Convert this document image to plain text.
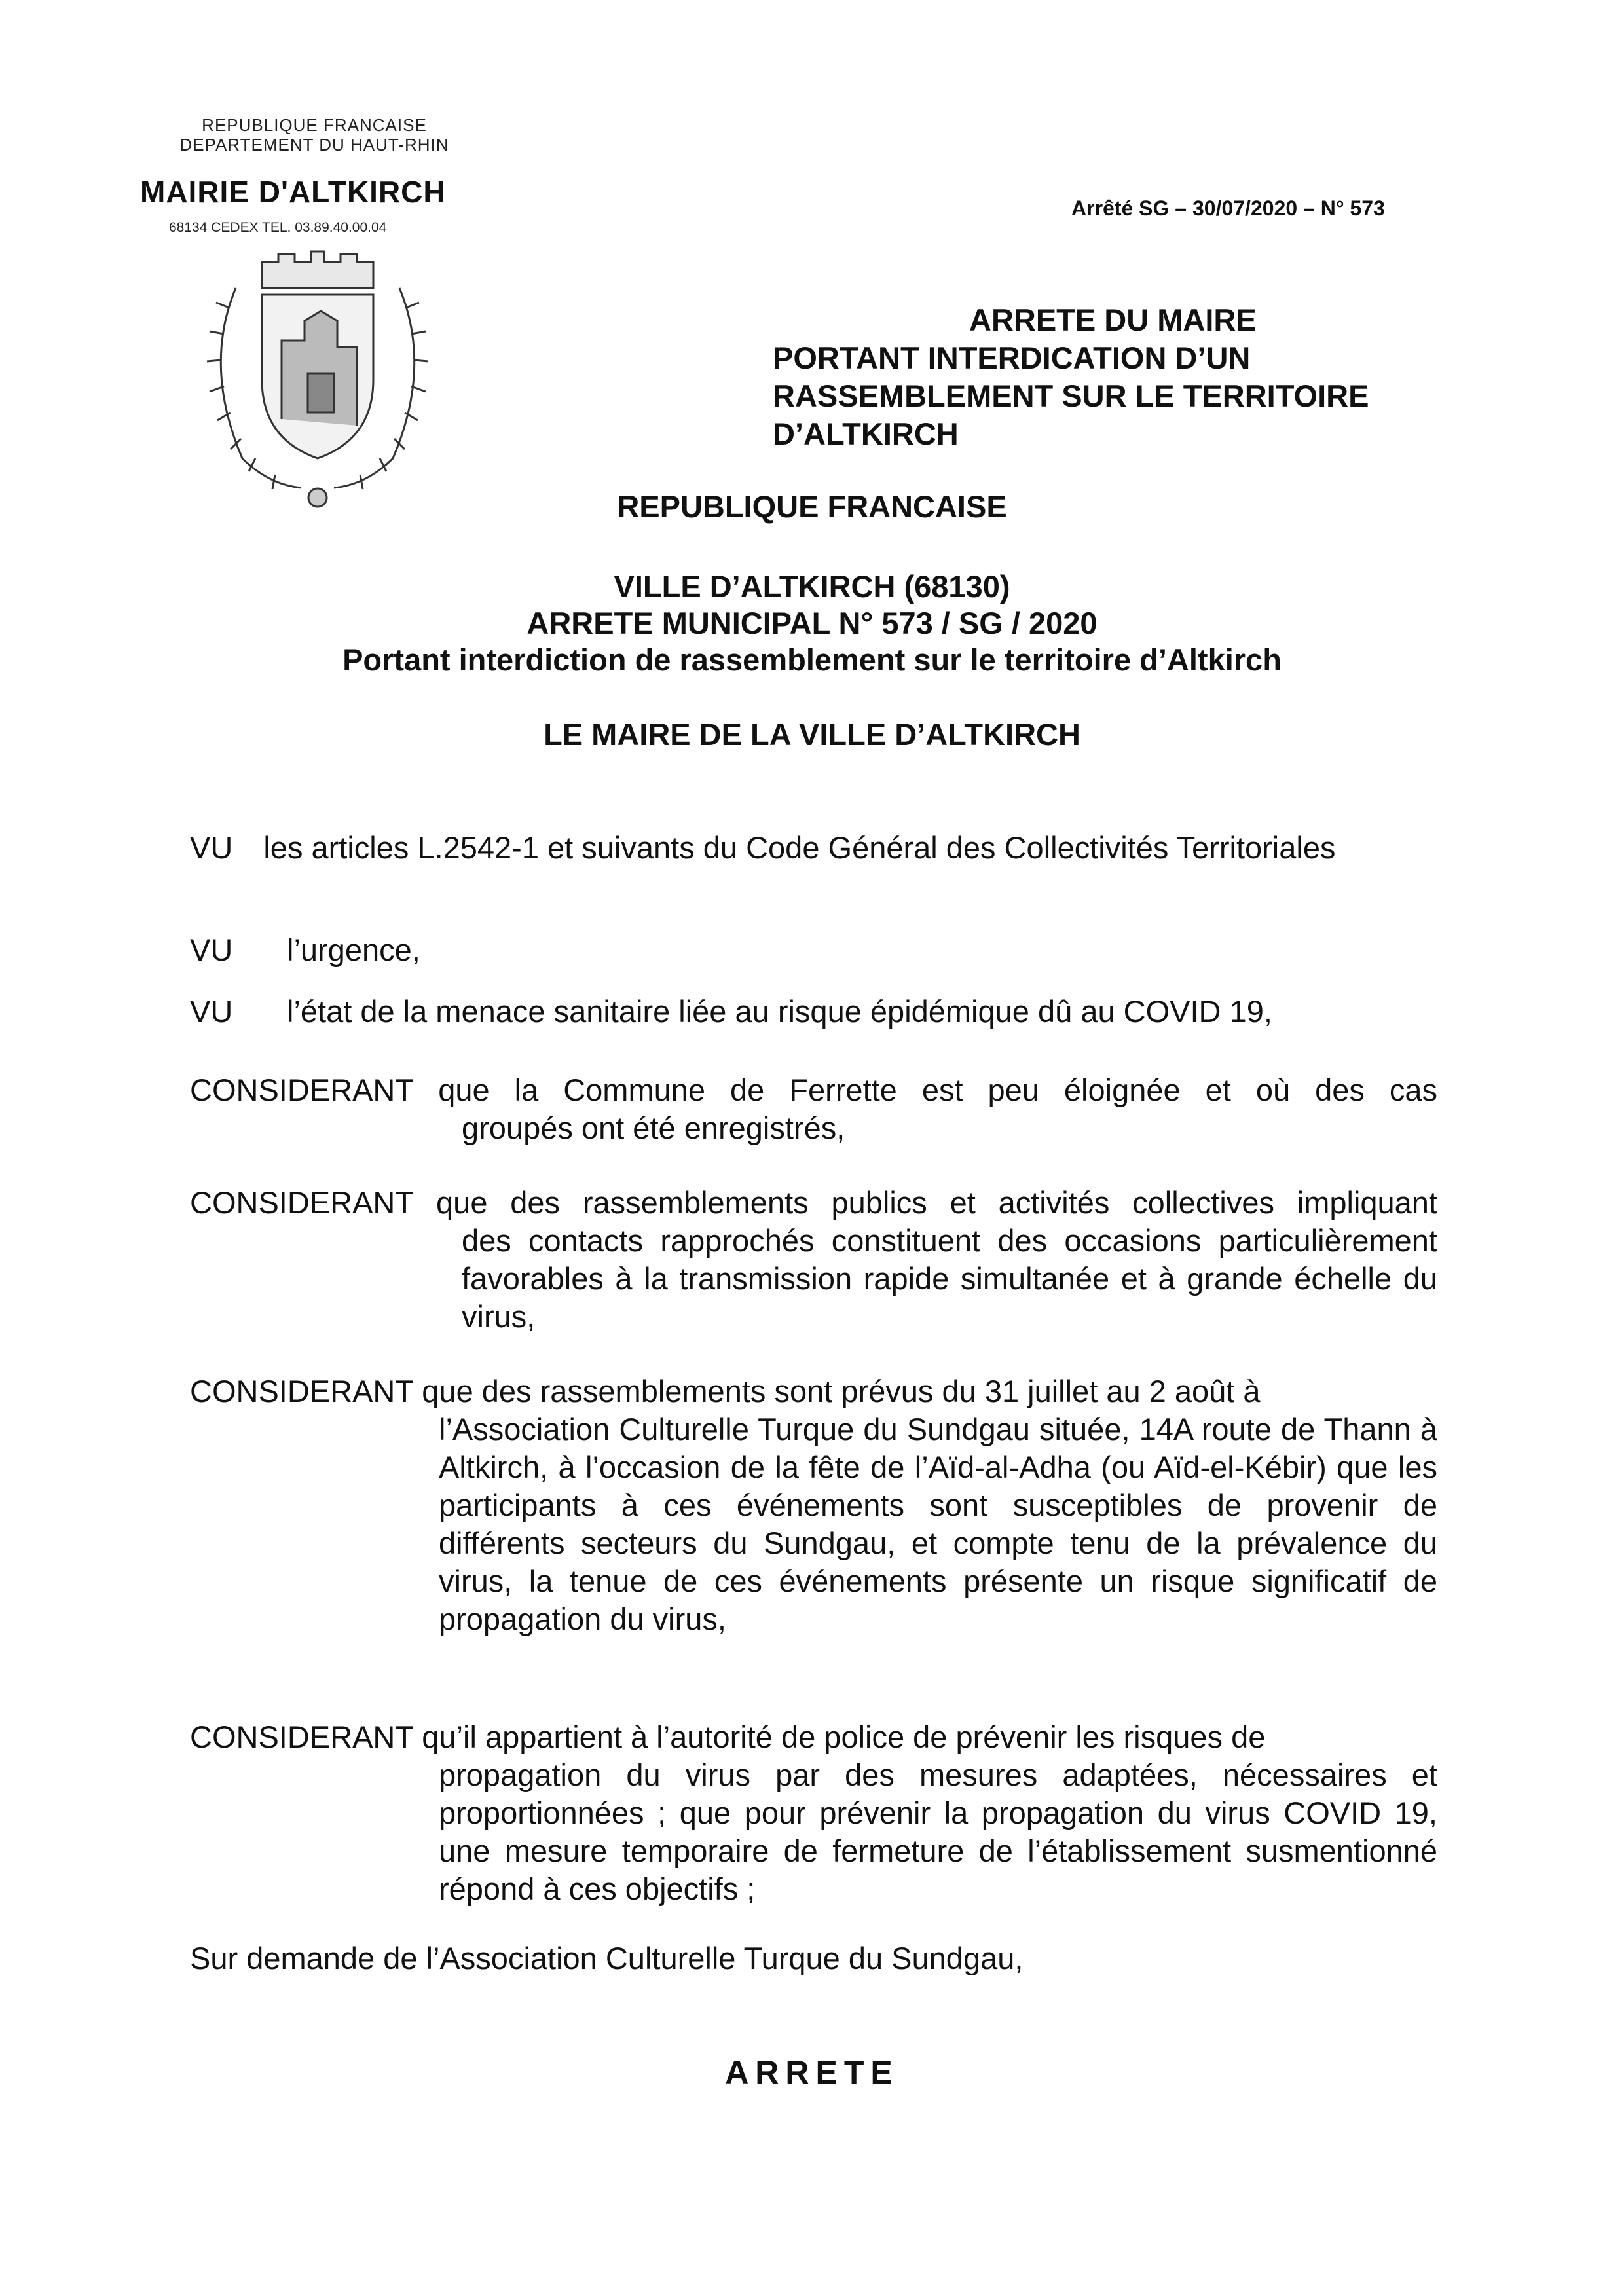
REPUBLIQUE FRANCAISE
DEPARTEMENT DU HAUT-RHIN
MAIRIE D'ALTKIRCH
68134 CEDEX TEL. 03.89.40.00.04
Arrêté SG – 30/07/2020 – N° 573
ARRETE DU MAIRE
PORTANT INTERDICATION D’UN
RASSEMBLEMENT SUR LE TERRITOIRE
D’ALTKIRCH
REPUBLIQUE FRANCAISE
VILLE D’ALTKIRCH (68130)
ARRETE MUNICIPAL N° 573 / SG / 2020
Portant interdiction de rassemblement sur le territoire d’Altkirch
LE MAIRE DE LA VILLE D’ALTKIRCH
VU les articles L.2542-1 et suivants du Code Général des Collectivités Territoriales
VU	l’urgence,
VU	l’état de la menace sanitaire liée au risque épidémique dû au COVID 19,
CONSIDERANT que la Commune de Ferrette est peu éloignée et où des cas
groupés ont été enregistrés,
CONSIDERANT que des rassemblements publics et activités collectives impliquant
des contacts rapprochés constituent des occasions particulièrement favorables à la transmission rapide simultanée et à grande échelle du virus,
CONSIDERANT que des rassemblements sont prévus du 31 juillet au 2 août à
l’Association Culturelle Turque du Sundgau située, 14A route de Thann à Altkirch, à l’occasion de la fête de l’Aïd-al-Adha (ou Aïd-el-Kébir) que les participants à ces événements sont susceptibles de provenir de différents secteurs du Sundgau, et compte tenu de la prévalence du virus, la tenue de ces événements présente un risque significatif de propagation du virus,
CONSIDERANT qu’il appartient à l’autorité de police de prévenir les risques de
propagation du virus par des mesures adaptées, nécessaires et proportionnées ; que pour prévenir la propagation du virus COVID 19, une mesure temporaire de fermeture de l’établissement susmentionné répond à ces objectifs ;
Sur demande de l’Association Culturelle Turque du Sundgau,
ARRETE
